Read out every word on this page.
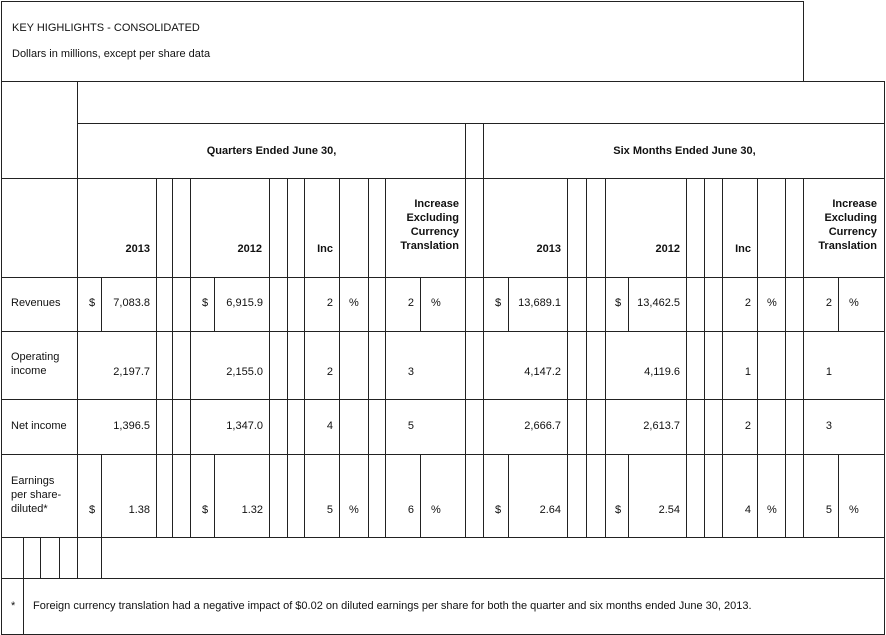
KEY HIGHLIGHTS - CONSOLIDATED
Dollars in millions, except per share data
Quarters Ended June 30,	Six Months Ended June 30,
2013	2012	Inc
Increase
Excluding
Currency
Translation	2013	2012	Inc
Increase
Excluding
Currency
Translation
Revenues	$	7,083.8	$	6,915.9	2 %	2 %	$	13,689.1	$	13,462.5	2 %	2 %
Operating
income	2,197.7	2,155.0	2	3	4,147.2	4,119.6	1	1
Net income	1,396.5	1,347.0	4	5	2,666.7	2,613.7	2	3
Earnings
per share-
diluted*	$	1.38	$	1.32	5 %	6 %	$	2.64	$	2.54	4 %	5 %
* Foreign currency translation had a negative impact of $0.02 on diluted earnings per share for both the quarter and six months ended June 30, 2013.
